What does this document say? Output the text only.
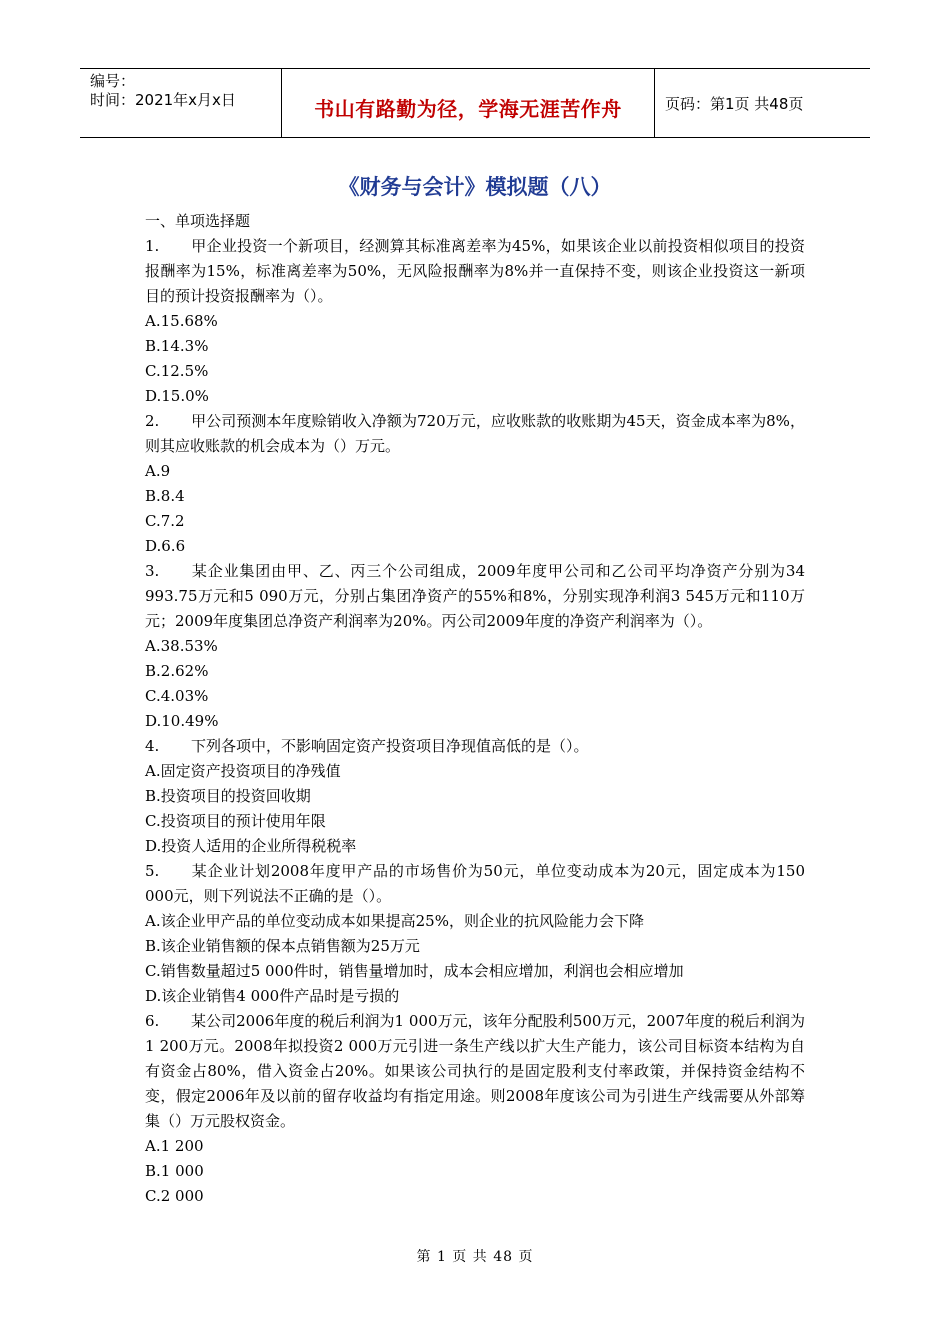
编号：
时间：2021年x月x日	书山有路勤为径，学海无涯苦作舟	页码：第1页 共48页
《财务与会计》模拟题（八）

一、单项选择题

1. 甲企业投资一个新项目，经测算其标准离差率为45%，如果该企业以前投资相似项目的投资报酬率为15%，标准离差率为50%，无风险报酬率为8%并一直保持不变，则该企业投资这一新项目的预计投资报酬率为（）。

A.15.68%

B.14.3%

C.12.5%

D.15.0%

2. 甲公司预测本年度赊销收入净额为720万元，应收账款的收账期为45天，资金成本率为8%，则其应收账款的机会成本为（）万元。

A.9

B.8.4

C.7.2

D.6.6

3. 某企业集团由甲、乙、丙三个公司组成，2009年度甲公司和乙公司平均净资产分别为34 993.75万元和5 090万元，分别占集团净资产的55%和8%，分别实现净利润3 545万元和110万元；2009年度集团总净资产利润率为20%。丙公司2009年度的净资产利润率为（）。

A.38.53%

B.2.62%

C.4.03%

D.10.49%

4. 下列各项中，不影响固定资产投资项目净现值高低的是（）。

A.固定资产投资项目的净残值

B.投资项目的投资回收期

C.投资项目的预计使用年限

D.投资人适用的企业所得税税率

5. 某企业计划2008年度甲产品的市场售价为50元，单位变动成本为20元，固定成本为150 000元，则下列说法不正确的是（）。

A.该企业甲产品的单位变动成本如果提高25%，则企业的抗风险能力会下降

B.该企业销售额的保本点销售额为25万元

C.销售数量超过5 000件时，销售量增加时，成本会相应增加，利润也会相应增加

D.该企业销售4 000件产品时是亏损的

6. 某公司2006年度的税后利润为1 000万元，该年分配股利500万元，2007年度的税后利润为1 200万元。2008年拟投资2 000万元引进一条生产线以扩大生产能力，该公司目标资本结构为自有资金占80%，借入资金占20%。如果该公司执行的是固定股利支付率政策，并保持资金结构不变，假定2006年及以前的留存收益均有指定用途。则2008年度该公司为引进生产线需要从外部筹集（）万元股权资金。

A.1 200

B.1 000

C.2 000

第 1 页 共 48 页
